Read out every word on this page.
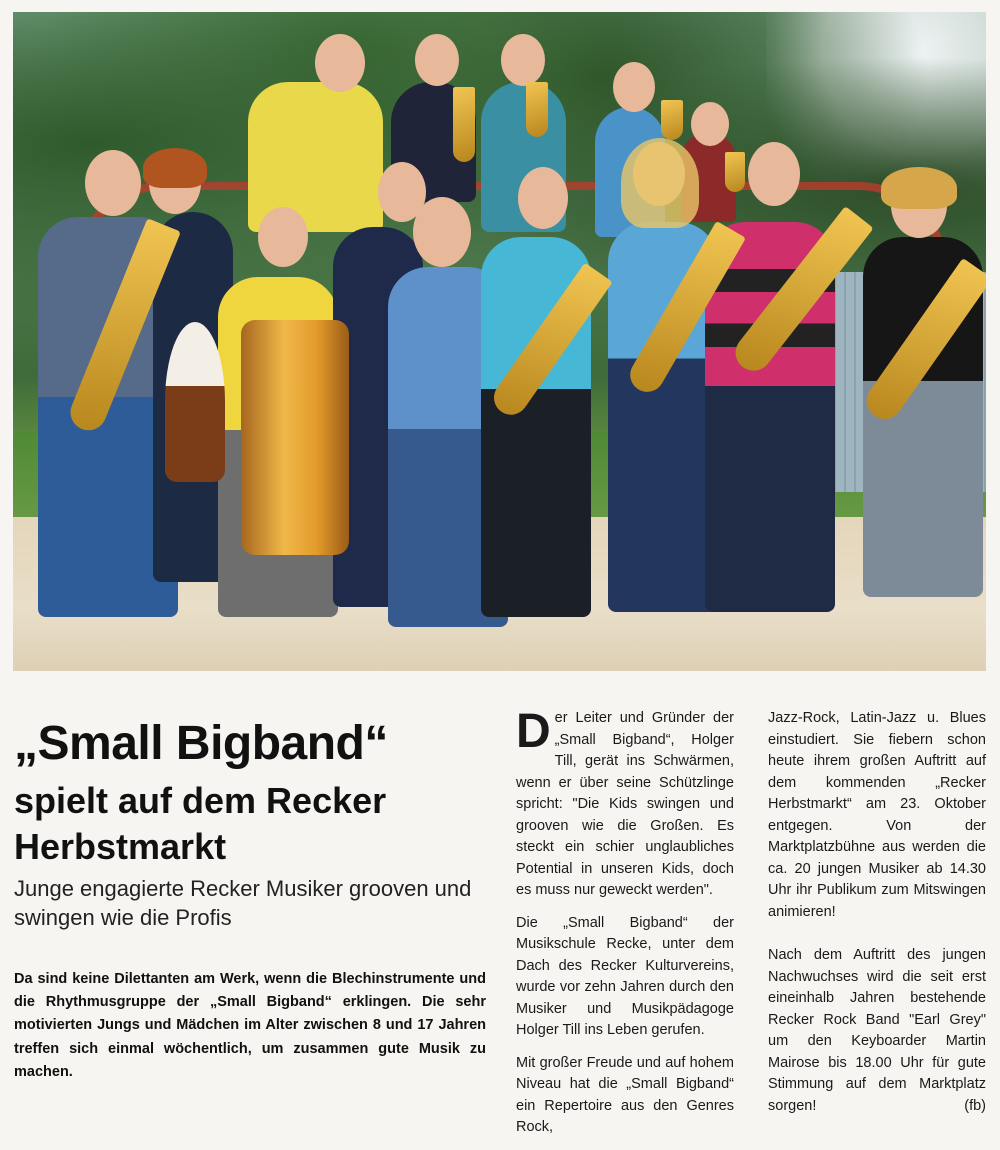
„Small Bigband“
spielt auf dem Recker Herbstmarkt

Junge engagierte Recker Musiker grooven und swingen wie die Profis

Da sind keine Dilettanten am Werk, wenn die Blechinstrumente und die Rhythmusgruppe der „Small Bigband“ erklingen. Die sehr motivierten Jungs und Mädchen im Alter zwischen 8 und 17 Jahren treffen sich einmal wöchentlich, um zusammen gute Musik zu machen.

Der Leiter und Gründer der „Small Bigband“, Holger Till, gerät ins Schwärmen, wenn er über seine Schützlinge spricht: "Die Kids swingen und grooven wie die Großen. Es steckt ein schier unglaubliches Potential in unseren Kids, doch es muss nur geweckt werden".

Die „Small Bigband“ der Musikschule Recke, unter dem Dach des Recker Kulturvereins, wurde vor zehn Jahren durch den Musiker und Musikpädagoge Holger Till ins Leben gerufen.

Mit großer Freude und auf hohem Niveau hat die „Small Bigband“ ein Repertoire aus den Genres Rock,

Jazz-Rock, Latin-Jazz u. Blues einstudiert. Sie fiebern schon heute ihrem großen Auftritt auf dem kommenden „Recker Herbstmarkt“ am 23. Oktober entgegen. Von der Marktplatzbühne aus werden die ca. 20 jungen Musiker ab 14.30 Uhr ihr Publikum zum Mitswingen animieren!

Nach dem Auftritt des jungen Nachwuchses wird die seit erst eineinhalb Jahren bestehende Recker Rock Band "Earl Grey" um den Keyboarder Martin Mairose bis 18.00 Uhr für gute Stimmung auf dem Marktplatz sorgen!	(fb)
